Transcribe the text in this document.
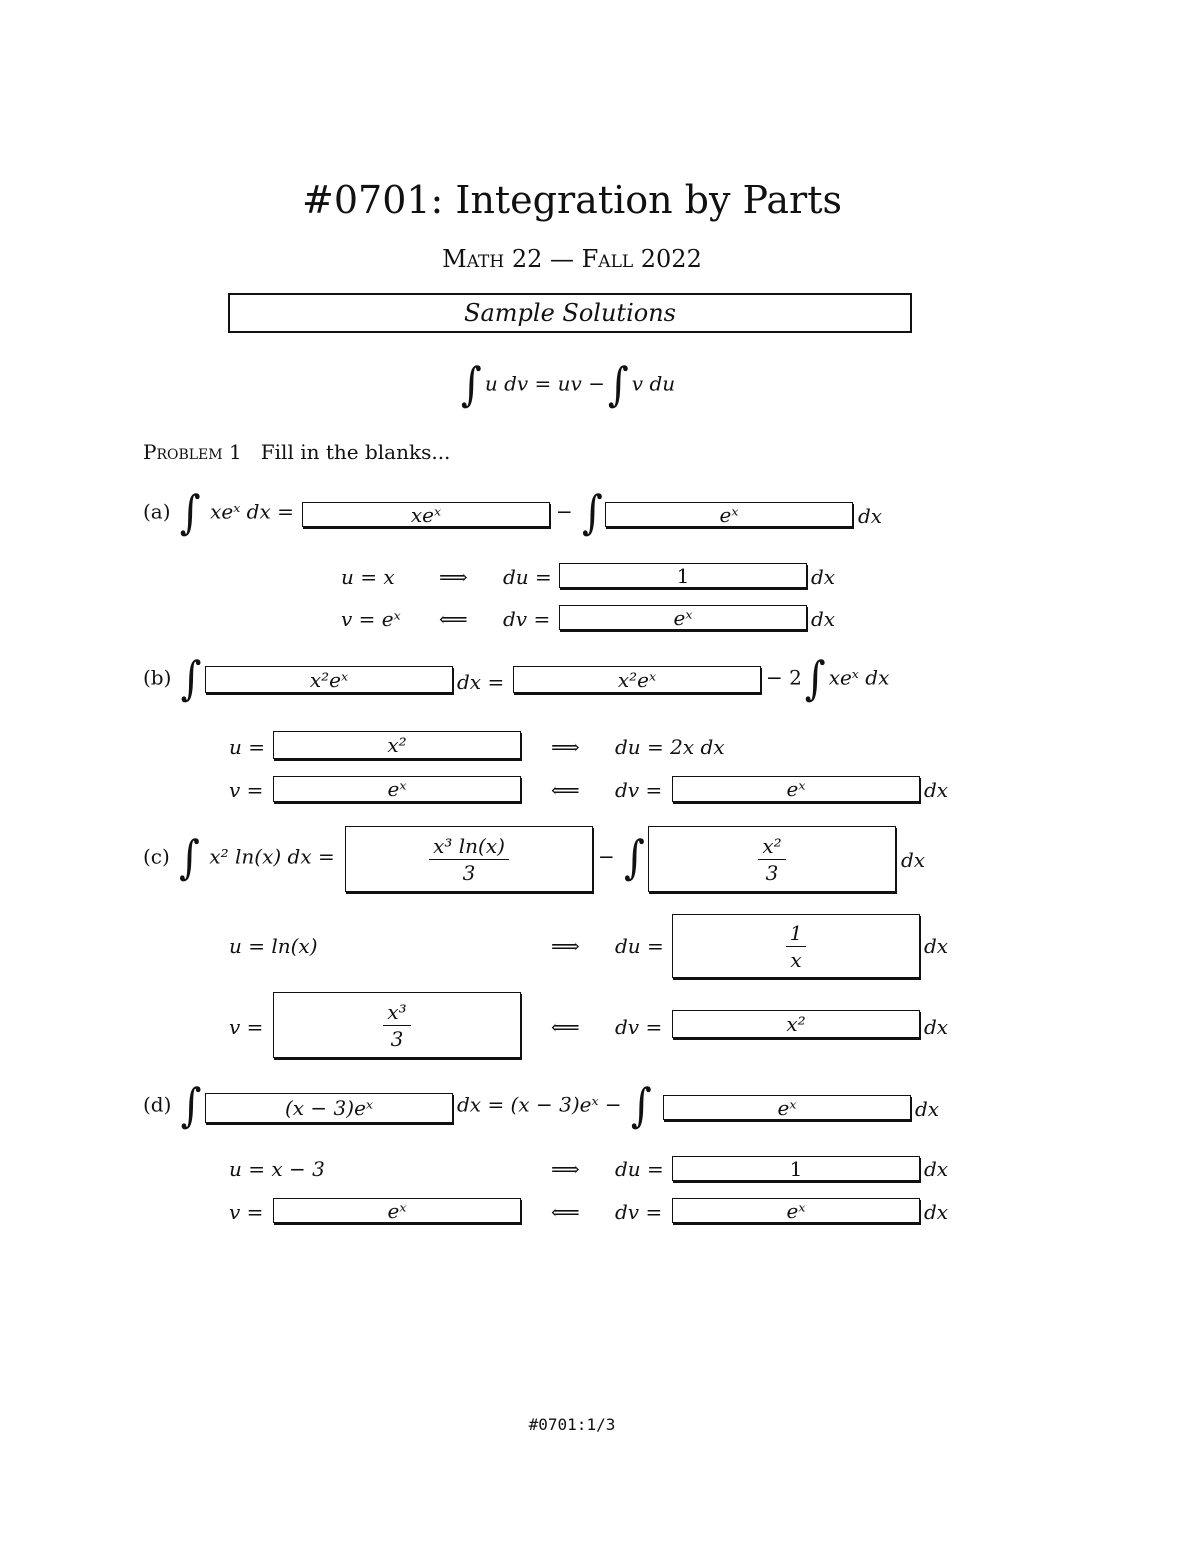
#0701: Integration by Parts
Math 22 — Fall 2022
Sample Solutions
∫ u dv = uv −∫ v du
Problem 1 Fill in the blanks...
(a) ∫ xeˣ dx =	xeˣ	− ∫	eˣ	dx
u = x ⟹ du =	1	dx
v = eˣ ⟸ dv =	eˣ	dx
(b) ∫	x²eˣ	dx =	x²eˣ	− 2∫ xeˣ dx
u =	x²	⟹ du = 2x dx
v =	eˣ	⟸ dv =	eˣ	dx
(c) ∫ x² ln(x) dx =	$\frac{\text{x³ ln(x)}}{3}$	− ∫	$\frac{\text{x²}}{3}$	dx
u = ln(x)	⟹ du =	$\frac{1}{x}$	dx
v =	$\frac{\text{x³}}{3}$	⟸ dv =	x²	dx
(d) ∫	(x − 3)eˣ	dx = (x − 3)eˣ − ∫	eˣ	dx
u = x − 3	⟹ du =	1	dx
v =	eˣ	⟸ dv =	eˣ	dx
#0701:1/3
